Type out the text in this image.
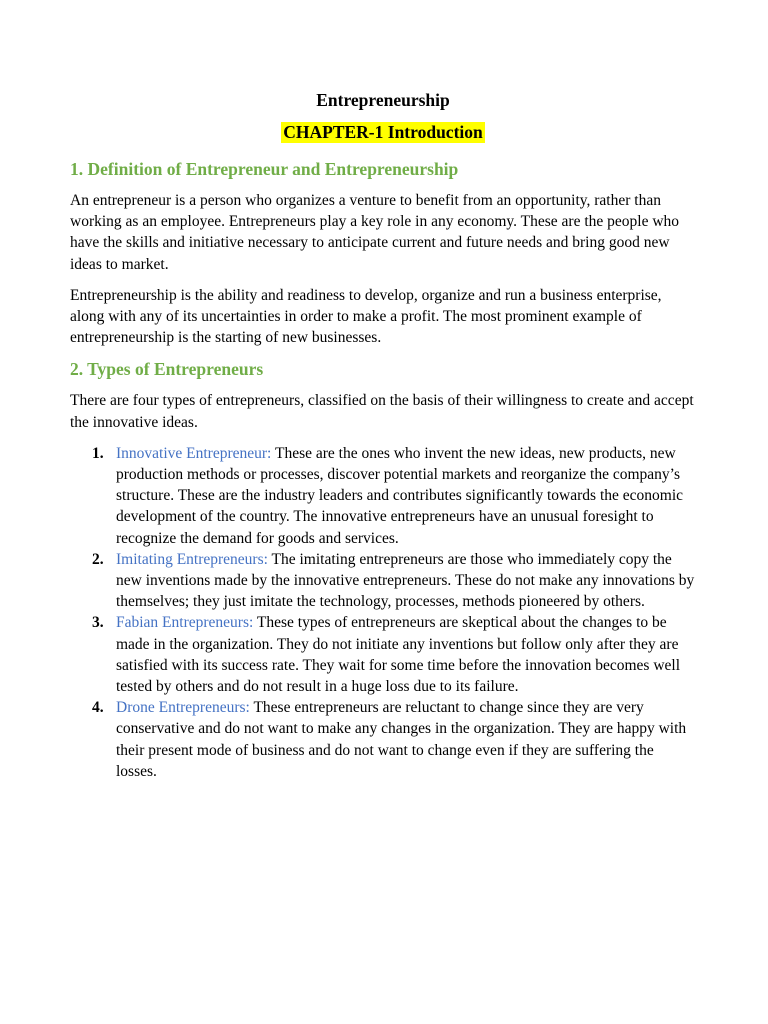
Entrepreneurship
CHAPTER-1 Introduction
1. Definition of Entrepreneur and Entrepreneurship

An entrepreneur is a person who organizes a venture to benefit from an opportunity, rather than working as an employee. Entrepreneurs play a key role in any economy. These are the people who have the skills and initiative necessary to anticipate current and future needs and bring good new ideas to market.

Entrepreneurship is the ability and readiness to develop, organize and run a business enterprise, along with any of its uncertainties in order to make a profit. The most prominent example of entrepreneurship is the starting of new businesses.

2. Types of Entrepreneurs

There are four types of entrepreneurs, classified on the basis of their willingness to create and accept the innovative ideas.

1. Innovative Entrepreneur: These are the ones who invent the new ideas, new products, new production methods or processes, discover potential markets and reorganize the company’s structure. These are the industry leaders and contributes significantly towards the economic development of the country. The innovative entrepreneurs have an unusual foresight to recognize the demand for goods and services.
2. Imitating Entrepreneurs: The imitating entrepreneurs are those who immediately copy the new inventions made by the innovative entrepreneurs. These do not make any innovations by themselves; they just imitate the technology, processes, methods pioneered by others.
3. Fabian Entrepreneurs: These types of entrepreneurs are skeptical about the changes to be made in the organization. They do not initiate any inventions but follow only after they are satisfied with its success rate. They wait for some time before the innovation becomes well tested by others and do not result in a huge loss due to its failure.
4. Drone Entrepreneurs: These entrepreneurs are reluctant to change since they are very conservative and do not want to make any changes in the organization. They are happy with their present mode of business and do not want to change even if they are suffering the losses.
